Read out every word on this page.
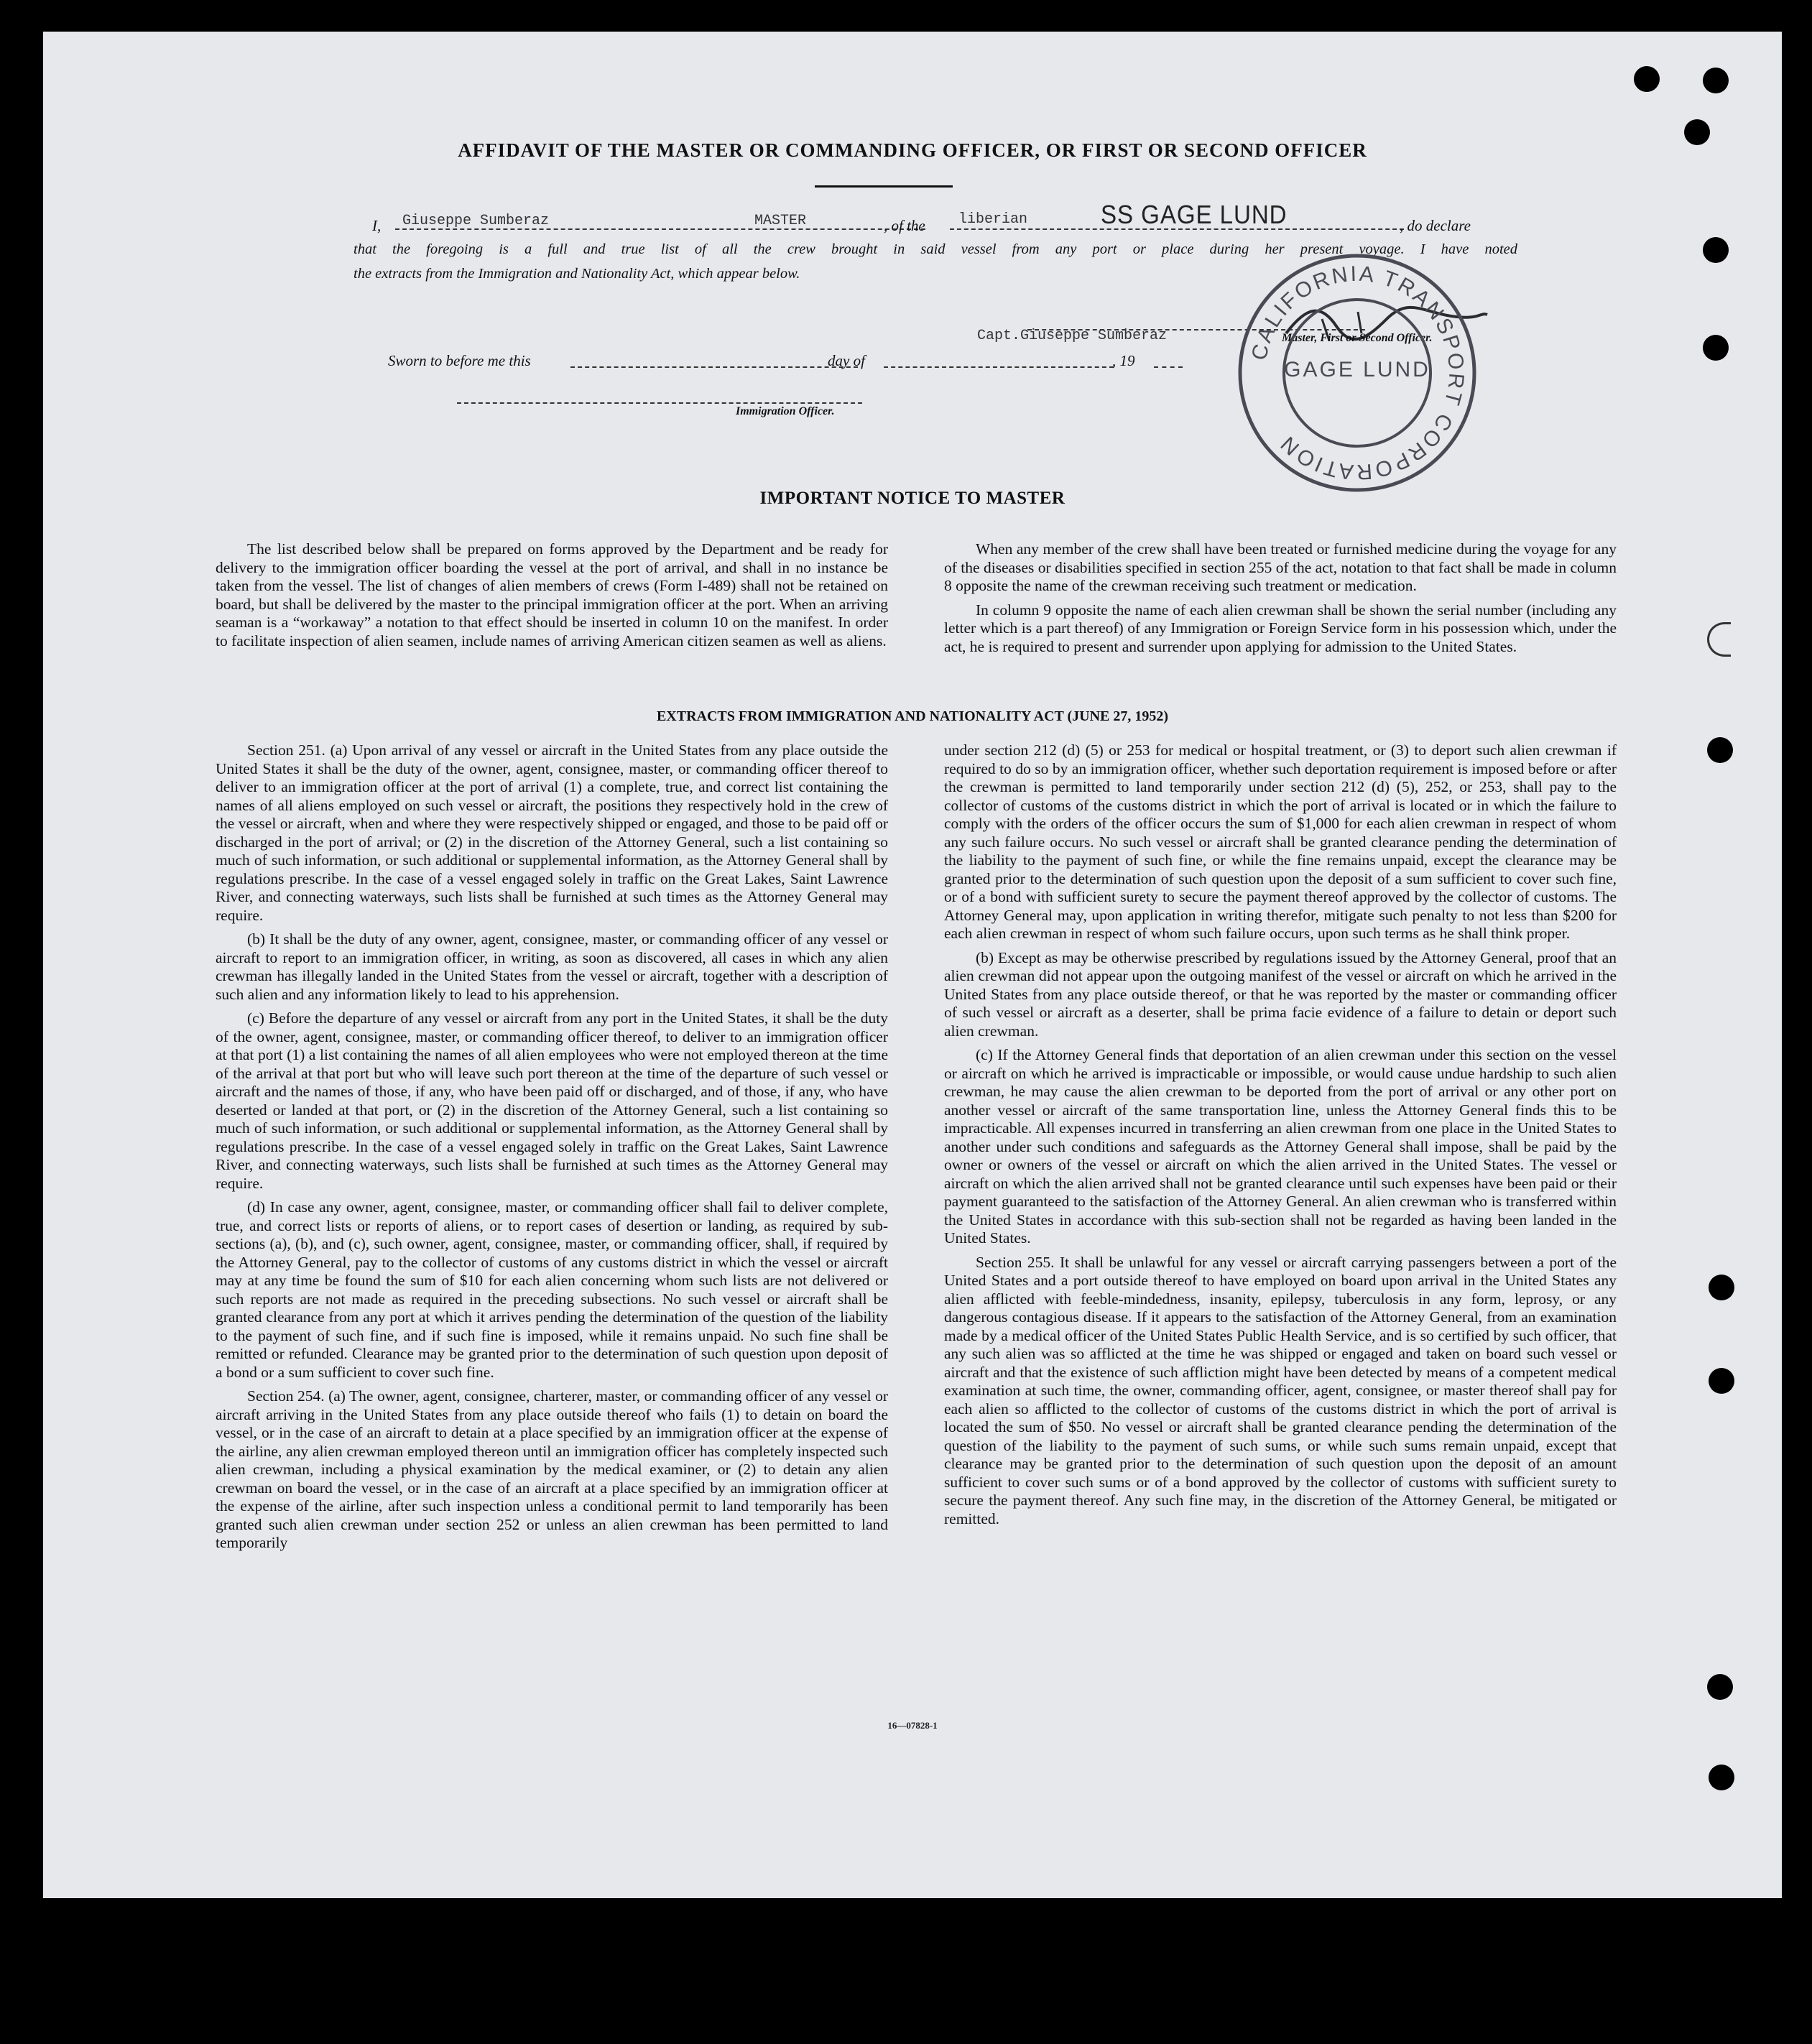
AFFIDAVIT OF THE MASTER OR COMMANDING OFFICER, OR FIRST OR SECOND OFFICER
I, Giuseppe Sumberaz	MASTER	, of the liberian	SS GAGE LUND	, do declare
that the foregoing is a full and true list of all the crew brought in said vessel from any port or place during her present voyage. I have noted
the extracts from the Immigration and Nationality Act, which appear below.
Capt.Giuseppe Sumberaz	Master, First or Second Officer.
Sworn to before me this	day of	, 19
Immigration Officer.
CALIFORNIA TRANSPORT CORPORATION
GAGE LUND
IMPORTANT NOTICE TO MASTER

The list described below shall be prepared on forms approved by the Department and be ready for delivery to the immigration officer boarding the vessel at the port of arrival, and shall in no instance be taken from the vessel. The list of changes of alien members of crews (Form I-489) shall not be retained on board, but shall be delivered by the master to the principal immigration officer at the port. When an arriving seaman is a “workaway” a notation to that effect should be inserted in column 10 on the manifest. In order to facilitate inspection of alien seamen, include names of arriving American citizen seamen as well as aliens.

When any member of the crew shall have been treated or furnished medicine during the voyage for any of the diseases or disabilities specified in section 255 of the act, notation to that fact shall be made in column 8 opposite the name of the crewman receiving such treatment or medication.

In column 9 opposite the name of each alien crewman shall be shown the serial number (including any letter which is a part thereof) of any Immigration or Foreign Service form in his possession which, under the act, he is required to present and surrender upon applying for admission to the United States.

EXTRACTS FROM IMMIGRATION AND NATIONALITY ACT (JUNE 27, 1952)

Section 251. (a) Upon arrival of any vessel or aircraft in the United States from any place outside the United States it shall be the duty of the owner, agent, consignee, master, or commanding officer thereof to deliver to an immigration officer at the port of arrival (1) a complete, true, and correct list containing the names of all aliens employed on such vessel or aircraft, the positions they respectively hold in the crew of the vessel or aircraft, when and where they were respectively shipped or engaged, and those to be paid off or discharged in the port of arrival; or (2) in the discretion of the Attorney General, such a list containing so much of such information, or such additional or supplemental information, as the Attorney General shall by regulations prescribe. In the case of a vessel engaged solely in traffic on the Great Lakes, Saint Lawrence River, and connecting waterways, such lists shall be furnished at such times as the Attorney General may require.

(b) It shall be the duty of any owner, agent, consignee, master, or commanding officer of any vessel or aircraft to report to an immigration officer, in writing, as soon as discovered, all cases in which any alien crewman has illegally landed in the United States from the vessel or aircraft, together with a description of such alien and any information likely to lead to his apprehension.

(c) Before the departure of any vessel or aircraft from any port in the United States, it shall be the duty of the owner, agent, consignee, master, or commanding officer thereof, to deliver to an immigration officer at that port (1) a list containing the names of all alien employees who were not employed thereon at the time of the arrival at that port but who will leave such port thereon at the time of the departure of such vessel or aircraft and the names of those, if any, who have been paid off or discharged, and of those, if any, who have deserted or landed at that port, or (2) in the discretion of the Attorney General, such a list containing so much of such information, or such additional or supplemental information, as the Attorney General shall by regulations prescribe. In the case of a vessel engaged solely in traffic on the Great Lakes, Saint Lawrence River, and connecting waterways, such lists shall be furnished at such times as the Attorney General may require.

(d) In case any owner, agent, consignee, master, or commanding officer shall fail to deliver complete, true, and correct lists or reports of aliens, or to report cases of desertion or landing, as required by sub-sections (a), (b), and (c), such owner, agent, consignee, master, or commanding officer, shall, if required by the Attorney General, pay to the collector of customs of any customs district in which the vessel or aircraft may at any time be found the sum of $10 for each alien concerning whom such lists are not delivered or such reports are not made as required in the preceding subsections. No such vessel or aircraft shall be granted clearance from any port at which it arrives pending the determination of the question of the liability to the payment of such fine, and if such fine is imposed, while it remains unpaid. No such fine shall be remitted or refunded. Clearance may be granted prior to the determination of such question upon deposit of a bond or a sum sufficient to cover such fine.

Section 254. (a) The owner, agent, consignee, charterer, master, or commanding officer of any vessel or aircraft arriving in the United States from any place outside thereof who fails (1) to detain on board the vessel, or in the case of an aircraft to detain at a place specified by an immigration officer at the expense of the airline, any alien crewman employed thereon until an immigration officer has completely inspected such alien crewman, including a physical examination by the medical examiner, or (2) to detain any alien crewman on board the vessel, or in the case of an aircraft at a place specified by an immigration officer at the expense of the airline, after such inspection unless a conditional permit to land temporarily has been granted such alien crewman under section 252 or unless an alien crewman has been permitted to land temporarily

under section 212 (d) (5) or 253 for medical or hospital treatment, or (3) to deport such alien crewman if required to do so by an immigration officer, whether such deportation requirement is imposed before or after the crewman is permitted to land temporarily under section 212 (d) (5), 252, or 253, shall pay to the collector of customs of the customs district in which the port of arrival is located or in which the failure to comply with the orders of the officer occurs the sum of $1,000 for each alien crewman in respect of whom any such failure occurs. No such vessel or aircraft shall be granted clearance pending the determination of the liability to the payment of such fine, or while the fine remains unpaid, except the clearance may be granted prior to the determination of such question upon the deposit of a sum sufficient to cover such fine, or of a bond with sufficient surety to secure the payment thereof approved by the collector of customs. The Attorney General may, upon application in writing therefor, mitigate such penalty to not less than $200 for each alien crewman in respect of whom such failure occurs, upon such terms as he shall think proper.

(b) Except as may be otherwise prescribed by regulations issued by the Attorney General, proof that an alien crewman did not appear upon the outgoing manifest of the vessel or aircraft on which he arrived in the United States from any place outside thereof, or that he was reported by the master or commanding officer of such vessel or aircraft as a deserter, shall be prima facie evidence of a failure to detain or deport such alien crewman.

(c) If the Attorney General finds that deportation of an alien crewman under this section on the vessel or aircraft on which he arrived is impracticable or impossible, or would cause undue hardship to such alien crewman, he may cause the alien crewman to be deported from the port of arrival or any other port on another vessel or aircraft of the same transportation line, unless the Attorney General finds this to be impracticable. All expenses incurred in transferring an alien crewman from one place in the United States to another under such conditions and safeguards as the Attorney General shall impose, shall be paid by the owner or owners of the vessel or aircraft on which the alien arrived in the United States. The vessel or aircraft on which the alien arrived shall not be granted clearance until such expenses have been paid or their payment guaranteed to the satisfaction of the Attorney General. An alien crewman who is transferred within the United States in accordance with this sub-section shall not be regarded as having been landed in the United States.

Section 255. It shall be unlawful for any vessel or aircraft carrying passengers between a port of the United States and a port outside thereof to have employed on board upon arrival in the United States any alien afflicted with feeble-mindedness, insanity, epilepsy, tuberculosis in any form, leprosy, or any dangerous contagious disease. If it appears to the satisfaction of the Attorney General, from an examination made by a medical officer of the United States Public Health Service, and is so certified by such officer, that any such alien was so afflicted at the time he was shipped or engaged and taken on board such vessel or aircraft and that the existence of such affliction might have been detected by means of a competent medical examination at such time, the owner, commanding officer, agent, consignee, or master thereof shall pay for each alien so afflicted to the collector of customs of the customs district in which the port of arrival is located the sum of $50. No vessel or aircraft shall be granted clearance pending the determination of the question of the liability to the payment of such sums, or while such sums remain unpaid, except that clearance may be granted prior to the determination of such question upon the deposit of an amount sufficient to cover such sums or of a bond approved by the collector of customs with sufficient surety to secure the payment thereof. Any such fine may, in the discretion of the Attorney General, be mitigated or remitted.

16—07828-1
